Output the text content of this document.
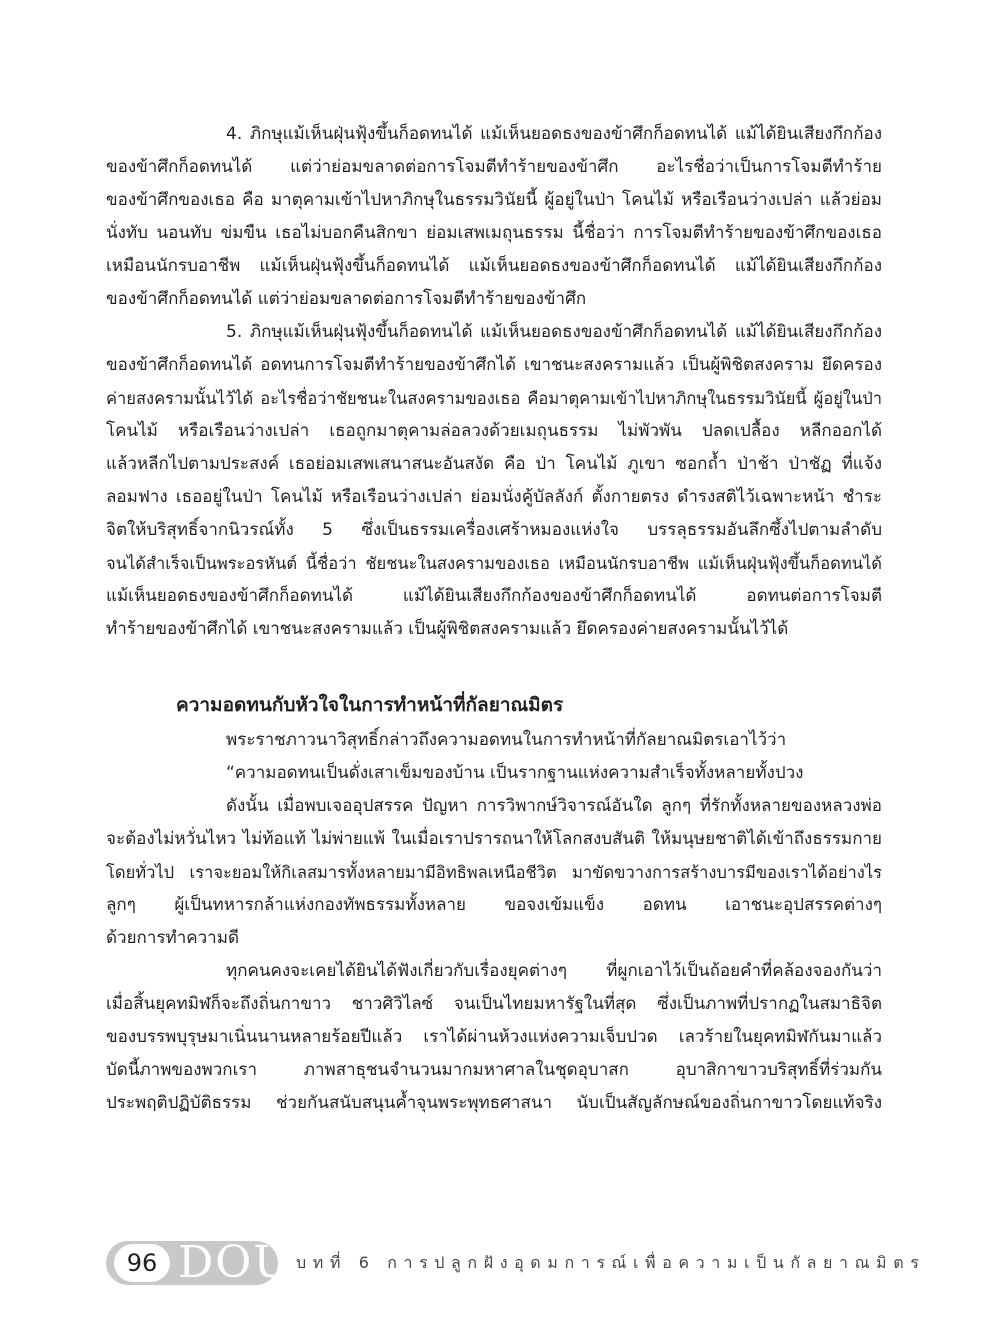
4. ภิกษุแม้เห็นฝุ่นฟุ้งขึ้นก็อดทนได้ แม้เห็นยอดธงของข้าศึกก็อดทนได้ แม้ได้ยินเสียงกึกก้อง
ของข้าศึกก็อดทนได้ แต่ว่าย่อมขลาดต่อการโจมตีทำร้ายของข้าศึก อะไรชื่อว่าเป็นการโจมตีทำร้าย
ของข้าศึกของเธอ คือ มาตุคามเข้าไปหาภิกษุในธรรมวินัยนี้ ผู้อยู่ในป่า โคนไม้ หรือเรือนว่างเปล่า แล้วย่อม
นั่งทับ นอนทับ ข่มขืน เธอไม่บอกคืนสิกขา ย่อมเสพเมถุนธรรม นี้ชื่อว่า การโจมตีทำร้ายของข้าศึกของเธอ
เหมือนนักรบอาชีพ แม้เห็นฝุ่นฟุ้งขึ้นก็อดทนได้ แม้เห็นยอดธงของข้าศึกก็อดทนได้ แม้ได้ยินเสียงกึกก้อง
ของข้าศึกก็อดทนได้ แต่ว่าย่อมขลาดต่อการโจมตีทำร้ายของข้าศึก
5. ภิกษุแม้เห็นฝุ่นฟุ้งขึ้นก็อดทนได้ แม้เห็นยอดธงของข้าศึกก็อดทนได้ แม้ได้ยินเสียงกึกก้อง
ของข้าศึกก็อดทนได้ อดทนการโจมตีทำร้ายของข้าศึกได้ เขาชนะสงครามแล้ว เป็นผู้พิชิตสงคราม ยึดครอง
ค่ายสงครามนั้นไว้ได้ อะไรชื่อว่าชัยชนะในสงครามของเธอ คือมาตุคามเข้าไปหาภิกษุในธรรมวินัยนี้ ผู้อยู่ในป่า
โคนไม้ หรือเรือนว่างเปล่า เธอถูกมาตุคามล่อลวงด้วยเมถุนธรรม ไม่พัวพัน ปลดเปลื้อง หลีกออกได้
แล้วหลีกไปตามประสงค์ เธอย่อมเสพเสนาสนะอันสงัด คือ ป่า โคนไม้ ภูเขา ซอกถ้ำ ป่าช้า ป่าชัฏ ที่แจ้ง
ลอมฟาง เธออยู่ในป่า โคนไม้ หรือเรือนว่างเปล่า ย่อมนั่งคู้บัลลังก์ ตั้งกายตรง ดำรงสติไว้เฉพาะหน้า ชำระ
จิตให้บริสุทธิ์จากนิวรณ์ทั้ง 5 ซึ่งเป็นธรรมเครื่องเศร้าหมองแห่งใจ บรรลุธรรมอันลึกซึ้งไปตามลำดับ
จนได้สำเร็จเป็นพระอรหันต์ นี้ชื่อว่า ชัยชนะในสงครามของเธอ เหมือนนักรบอาชีพ แม้เห็นฝุ่นฟุ้งขึ้นก็อดทนได้
แม้เห็นยอดธงของข้าศึกก็อดทนได้ แม้ได้ยินเสียงกึกก้องของข้าศึกก็อดทนได้ อดทนต่อการโจมตี
ทำร้ายของข้าศึกได้ เขาชนะสงครามแล้ว เป็นผู้พิชิตสงครามแล้ว ยึดครองค่ายสงครามนั้นไว้ได้
ความอดทนกับหัวใจในการทำหน้าที่กัลยาณมิตร
พระราชภาวนาวิสุทธิ์กล่าวถึงความอดทนในการทำหน้าที่กัลยาณมิตรเอาไว้ว่า
“ความอดทนเป็นดั่งเสาเข็มของบ้าน เป็นรากฐานแห่งความสำเร็จทั้งหลายทั้งปวง
ดังนั้น เมื่อพบเจออุปสรรค ปัญหา การวิพากษ์วิจารณ์อันใด ลูกๆ ที่รักทั้งหลายของหลวงพ่อ
จะต้องไม่หวั่นไหว ไม่ท้อแท้ ไม่พ่ายแพ้ ในเมื่อเราปรารถนาให้โลกสงบสันติ ให้มนุษยชาติได้เข้าถึงธรรมกาย
โดยทั่วไป เราจะยอมให้กิเลสมารทั้งหลายมามีอิทธิพลเหนือชีวิต มาขัดขวางการสร้างบารมีของเราได้อย่างไร
ลูกๆ ผู้เป็นทหารกล้าแห่งกองทัพธรรมทั้งหลาย ขอจงเข้มแข็ง อดทน เอาชนะอุปสรรคต่างๆ
ด้วยการทำความดี
ทุกคนคงจะเคยได้ยินได้ฟังเกี่ยวกับเรื่องยุคต่างๆ ที่ผูกเอาไว้เป็นถ้อยคำที่คล้องจองกันว่า
เมื่อสิ้นยุคทมิฬก็จะถึงถิ่นกาขาว ชาวศิวิไลซ์ จนเป็นไทยมหารัฐในที่สุด ซึ่งเป็นภาพที่ปรากฏในสมาธิจิต
ของบรรพบุรุษมาเนิ่นนานหลายร้อยปีแล้ว เราได้ผ่านห้วงแห่งความเจ็บปวด เลวร้ายในยุคทมิฬกันมาแล้ว
บัดนี้ภาพของพวกเรา ภาพสาธุชนจำนวนมากมหาศาลในชุดอุบาสก อุบาสิกาขาวบริสุทธิ์ที่ร่วมกัน
ประพฤติปฏิบัติธรรม ช่วยกันสนับสนุนค้ำจุนพระพุทธศาสนา นับเป็นสัญลักษณ์ของถิ่นกาขาวโดยแท้จริง
96 DOU บทที่ 6 การปลูกฝังอุดมการณ์เพื่อความเป็นกัลยาณมิตร
